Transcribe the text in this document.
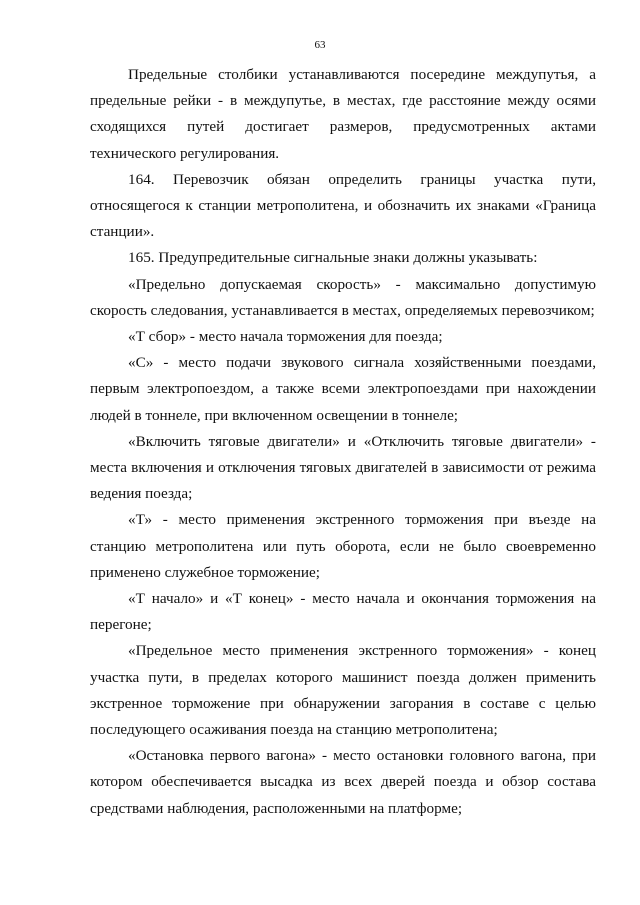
63

Предельные столбики устанавливаются посередине междупутья, а предельные рейки - в междупутье, в местах, где расстояние между осями сходящихся путей достигает размеров, предусмотренных актами технического регулирования.

164. Перевозчик обязан определить границы участка пути, относящегося к станции метрополитена, и обозначить их знаками «Граница станции».

165. Предупредительные сигнальные знаки должны указывать:

«Предельно допускаемая скорость» - максимально допустимую скорость следования, устанавливается в местах, определяемых перевозчиком;

«Т сбор» - место начала торможения для поезда;

«С» - место подачи звукового сигнала хозяйственными поездами, первым электропоездом, а также всеми электропоездами при нахождении людей в тоннеле, при включенном освещении в тоннеле;

«Включить тяговые двигатели» и «Отключить тяговые двигатели» - места включения и отключения тяговых двигателей в зависимости от режима ведения поезда;

«Т» - место применения экстренного торможения при въезде на станцию метрополитена или путь оборота, если не было своевременно применено служебное торможение;

«Т начало» и «Т конец» - место начала и окончания торможения на перегоне;

«Предельное место применения экстренного торможения» - конец участка пути, в пределах которого машинист поезда должен применить экстренное торможение при обнаружении загорания в составе с целью последующего осаживания поезда на станцию метрополитена;

«Остановка первого вагона» - место остановки головного вагона, при котором обеспечивается высадка из всех дверей поезда и обзор состава средствами наблюдения, расположенными на платформе;
